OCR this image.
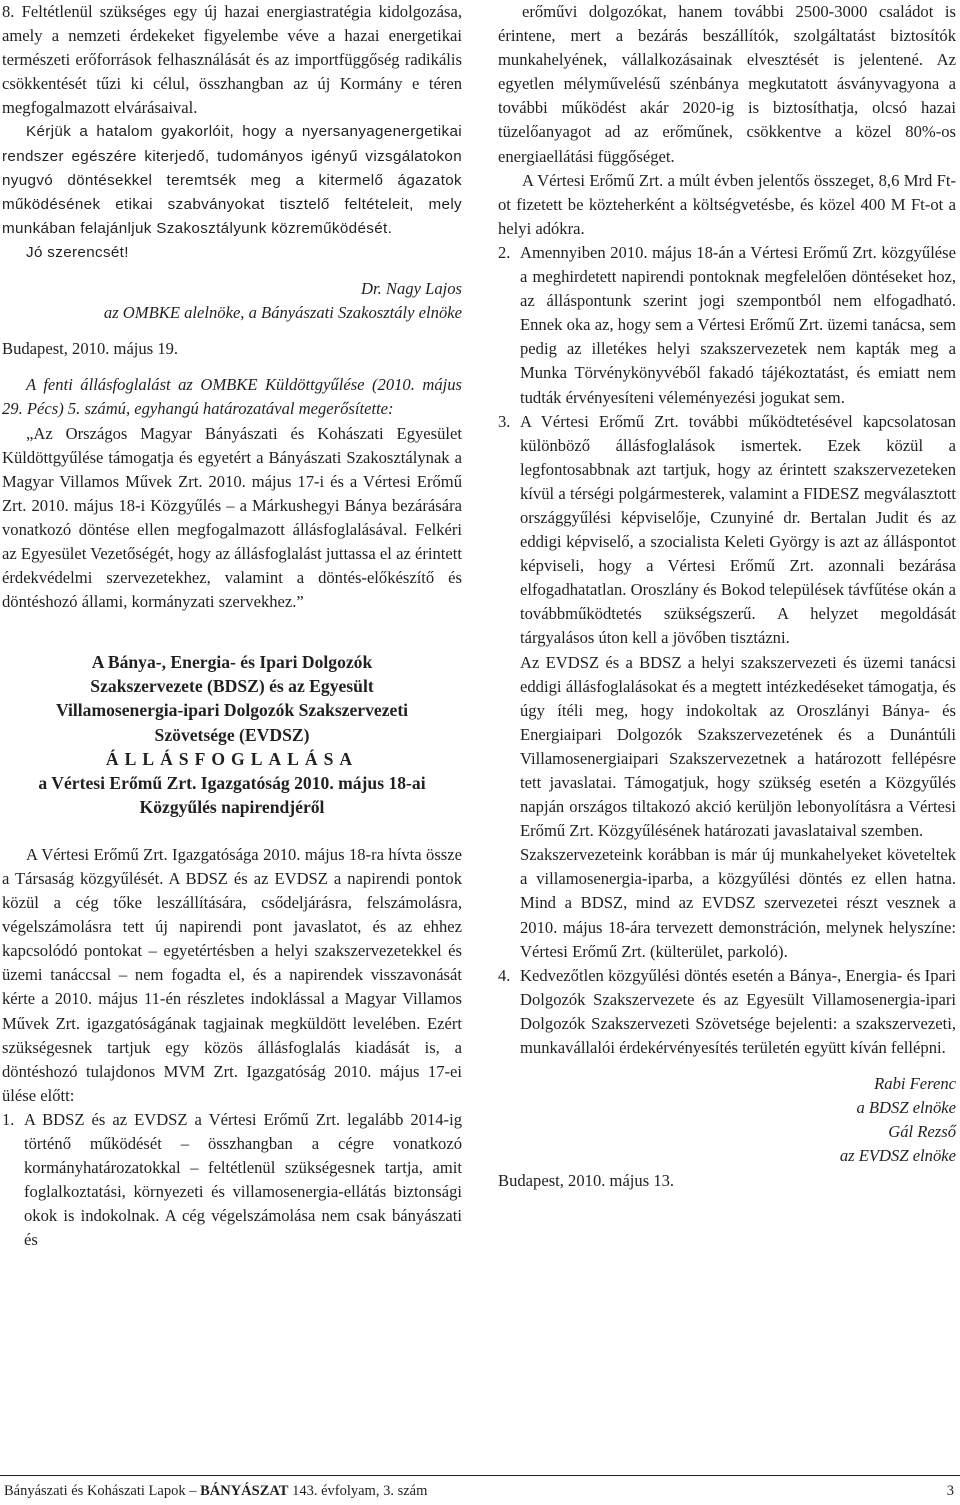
8. Feltétlenül szükséges egy új hazai energiastratégia kidolgozása, amely a nemzeti érdekeket figyelembe véve a hazai energetikai természeti erőforrások felhasználását és az importfüggőség radikális csökkentését tűzi ki célul, összhangban az új Kormány e téren megfogalmazott elvárásaival.

Kérjük a hatalom gyakorlóit, hogy a nyersanyagenergetikai rendszer egészére kiterjedő, tudományos igényű vizsgálatokon nyugvó döntésekkel teremtsék meg a kitermelő ágazatok működésének etikai szabványokat tisztelő feltételeit, mely munkában felajánljuk Szakosztályunk közreműködését.

Jó szerencsét!

Dr. Nagy Lajos

az OMBKE alelnöke, a Bányászati Szakosztály elnöke

Budapest, 2010. május 19.

A fenti állásfoglalást az OMBKE Küldöttgyűlése (2010. május 29. Pécs) 5. számú, egyhangú határozatával megerősítette:

„Az Országos Magyar Bányászati és Kohászati Egyesület Küldöttgyűlése támogatja és egyetért a Bányászati Szakosztálynak a Magyar Villamos Művek Zrt. 2010. május 17-i és a Vértesi Erőmű Zrt. 2010. május 18-i Közgyűlés – a Márkushegyi Bánya bezárására vonatkozó döntése ellen megfogalmazott állásfoglalásával. Felkéri az Egyesület Vezetőségét, hogy az állásfoglalást juttassa el az érintett érdekvédelmi szervezetekhez, valamint a döntés-előkészítő és döntéshozó állami, kormányzati szervekhez.”

A Bánya-, Energia- és Ipari Dolgozók
Szakszervezete (BDSZ) és az Egyesült
Villamosenergia-ipari Dolgozók Szakszervezeti
Szövetsége (EVDSZ)
ÁLLÁSFOGLALÁSA
a Vértesi Erőmű Zrt. Igazgatóság 2010. május 18-ai
Közgyűlés napirendjéről

A Vértesi Erőmű Zrt. Igazgatósága 2010. május 18-ra hívta össze a Társaság közgyűlését. A BDSZ és az EVDSZ a napirendi pontok közül a cég tőke leszállítására, csődeljárásra, felszámolásra, végelszámolásra tett új napirendi pont javaslatot, és az ehhez kapcsolódó pontokat – egyetértésben a helyi szakszervezetekkel és üzemi tanáccsal – nem fogadta el, és a napirendek visszavonását kérte a 2010. május 11-én részletes indoklással a Magyar Villamos Művek Zrt. igazgatóságának tagjainak megküldött levelében. Ezért szükségesnek tartjuk egy közös állásfoglalás kiadását is, a döntéshozó tulajdonos MVM Zrt. Igazgatóság 2010. május 17-ei ülése előtt:

1. A BDSZ és az EVDSZ a Vértesi Erőmű Zrt. legalább 2014-ig történő működését – összhangban a cégre vonatkozó kormányhatározatokkal – feltétlenül szükségesnek tartja, amit foglalkoztatási, környezeti és villamosenergia-ellátás biztonsági okok is indokolnak. A cég végelszámolása nem csak bányászati és

erőművi dolgozókat, hanem további 2500-3000 családot is érintene, mert a bezárás beszállítók, szolgáltatást biztosítók munkahelyének, vállalkozásainak elvesztését is jelentené. Az egyetlen mélyművelésű szénbánya megkutatott ásványvagyona a további működést akár 2020-ig is biztosíthatja, olcsó hazai tüzelőanyagot ad az erőműnek, csökkentve a közel 80%-os energiaellátási függőséget.

A Vértesi Erőmű Zrt. a múlt évben jelentős összeget, 8,6 Mrd Ft-ot fizetett be közteherként a költségvetésbe, és közel 400 M Ft-ot a helyi adókra.

2. Amennyiben 2010. május 18-án a Vértesi Erőmű Zrt. közgyűlése a meghirdetett napirendi pontoknak megfelelően döntéseket hoz, az álláspontunk szerint jogi szempontból nem elfogadható. Ennek oka az, hogy sem a Vértesi Erőmű Zrt. üzemi tanácsa, sem pedig az illetékes helyi szakszervezetek nem kapták meg a Munka Törvénykönyvéből fakadó tájékoztatást, és emiatt nem tudták érvényesíteni véleményezési jogukat sem.

3. A Vértesi Erőmű Zrt. további működtetésével kapcsolatosan különböző állásfoglalások ismertek. Ezek közül a legfontosabbnak azt tartjuk, hogy az érintett szakszervezeteken kívül a térségi polgármesterek, valamint a FIDESZ megválasztott országgyűlési képviselője, Czunyiné dr. Bertalan Judit és az eddigi képviselő, a szocialista Keleti György is azt az álláspontot képviseli, hogy a Vértesi Erőmű Zrt. azonnali bezárása elfogadhatatlan. Oroszlány és Bokod települések távfűtése okán a továbbműködtetés szükségszerű. A helyzet megoldását tárgyalásos úton kell a jövőben tisztázni.

Az EVDSZ és a BDSZ a helyi szakszervezeti és üzemi tanácsi eddigi állásfoglalásokat és a megtett intézkedéseket támogatja, és úgy ítéli meg, hogy indokoltak az Oroszlányi Bánya- és Energiaipari Dolgozók Szakszervezetének és a Dunántúli Villamosenergiaipari Szakszervezetnek a határozott fellépésre tett javaslatai. Támogatjuk, hogy szükség esetén a Közgyűlés napján országos tiltakozó akció kerüljön lebonyolításra a Vértesi Erőmű Zrt. Közgyűlésének határozati javaslataival szemben.

Szakszervezeteink korábban is már új munkahelyeket követeltek a villamosenergia-iparba, a közgyűlési döntés ez ellen hatna. Mind a BDSZ, mind az EVDSZ szervezetei részt vesznek a 2010. május 18-ára tervezett demonstráción, melynek helyszíne: Vértesi Erőmű Zrt. (külterület, parkoló).

4. Kedvezőtlen közgyűlési döntés esetén a Bánya-, Energia- és Ipari Dolgozók Szakszervezete és az Egyesült Villamosenergia-ipari Dolgozók Szakszervezeti Szövetsége bejelenti: a szakszervezeti, munkavállalói érdekérvényesítés területén együtt kíván fellépni.

Rabi Ferenc

a BDSZ elnöke

Gál Rezső

az EVDSZ elnöke

Budapest, 2010. május 13.

Bányászati és Kohászati Lapok – BÁNYÁSZAT 143. évfolyam, 3. szám	3
